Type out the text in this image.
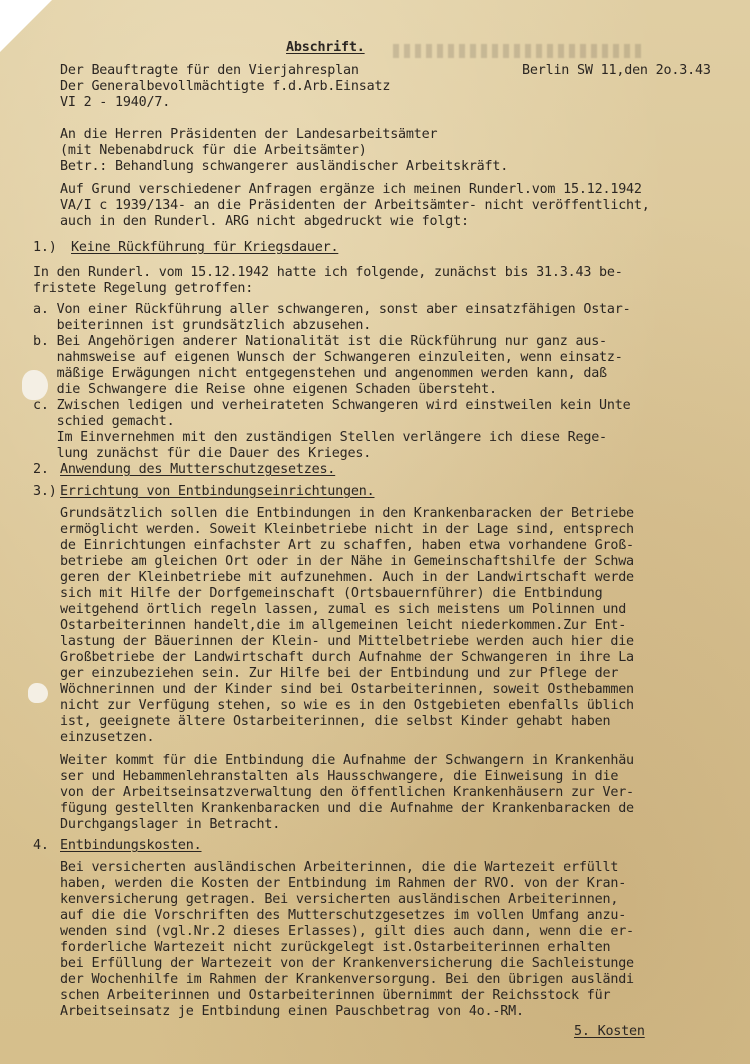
Abschrift.
Der Beauftragte für den Vierjahresplan	Berlin SW 11,den 2o.3.43
Der Generalbevollmächtigte f.d.Arb.Einsatz
VI 2 - 1940/7.
An die Herren Präsidenten der Landesarbeitsämter
(mit Nebenabdruck für die Arbeitsämter)
Betr.: Behandlung schwangerer ausländischer Arbeitskräft.
Auf Grund verschiedener Anfragen ergänze ich meinen Runderl.vom 15.12.1942
VA/I c 1939/134- an die Präsidenten der Arbeitsämter- nicht veröffentlicht,
auch in den Runderl. ARG nicht abgedruckt wie folgt:
1.) Keine Rückführung für Kriegsdauer.
In den Runderl. vom 15.12.1942 hatte ich folgende, zunächst bis 31.3.43 be-
fristete Regelung getroffen:
a. Von einer Rückführung aller schwangeren, sonst aber einsatzfähigen Ostar-
beiterinnen ist grundsätzlich abzusehen.
b. Bei Angehörigen anderer Nationalität ist die Rückführung nur ganz aus-
nahmsweise auf eigenen Wunsch der Schwangeren einzuleiten, wenn einsatz-
mäßige Erwägungen nicht entgegenstehen und angenommen werden kann, daß
die Schwangere die Reise ohne eigenen Schaden übersteht.
c. Zwischen ledigen und verheirateten Schwangeren wird einstweilen kein Unte
schied gemacht.
Im Einvernehmen mit den zuständigen Stellen verlängere ich diese Rege-
lung zunächst für die Dauer des Krieges.
2. Anwendung des Mutterschutzgesetzes.
3.) Errichtung von Entbindungseinrichtungen.
Grundsätzlich sollen die Entbindungen in den Krankenbaracken der Betriebe
ermöglicht werden. Soweit Kleinbetriebe nicht in der Lage sind, entsprech
de Einrichtungen einfachster Art zu schaffen, haben etwa vorhandene Groß-
betriebe am gleichen Ort oder in der Nähe in Gemeinschaftshilfe der Schwa
geren der Kleinbetriebe mit aufzunehmen. Auch in der Landwirtschaft werde
sich mit Hilfe der Dorfgemeinschaft (Ortsbauernführer) die Entbindung
weitgehend örtlich regeln lassen, zumal es sich meistens um Polinnen und
Ostarbeiterinnen handelt,die im allgemeinen leicht niederkommen.Zur Ent-
lastung der Bäuerinnen der Klein- und Mittelbetriebe werden auch hier die
Großbetriebe der Landwirtschaft durch Aufnahme der Schwangeren in ihre La
ger einzubeziehen sein. Zur Hilfe bei der Entbindung und zur Pflege der
Wöchnerinnen und der Kinder sind bei Ostarbeiterinnen, soweit Osthebammen
nicht zur Verfügung stehen, so wie es in den Ostgebieten ebenfalls üblich
ist, geeignete ältere Ostarbeiterinnen, die selbst Kinder gehabt haben
einzusetzen.
Weiter kommt für die Entbindung die Aufnahme der Schwangern in Krankenhäu
ser und Hebammenlehranstalten als Hausschwangere, die Einweisung in die
von der Arbeitseinsatzverwaltung den öffentlichen Krankenhäusern zur Ver-
fügung gestellten Krankenbaracken und die Aufnahme der Krankenbaracken de
Durchgangslager in Betracht.
4. Entbindungskosten.
Bei versicherten ausländischen Arbeiterinnen, die die Wartezeit erfüllt
haben, werden die Kosten der Entbindung im Rahmen der RVO. von der Kran-
kenversicherung getragen. Bei versicherten ausländischen Arbeiterinnen,
auf die die Vorschriften des Mutterschutzgesetzes im vollen Umfang anzu-
wenden sind (vgl.Nr.2 dieses Erlasses), gilt dies auch dann, wenn die er-
forderliche Wartezeit nicht zurückgelegt ist.Ostarbeiterinnen erhalten
bei Erfüllung der Wartezeit von der Krankenversicherung die Sachleistunge
der Wochenhilfe im Rahmen der Krankenversorgung. Bei den übrigen ausländi
schen Arbeiterinnen und Ostarbeiterinnen übernimmt der Reichsstock für
Arbeitseinsatz je Entbindung einen Pauschbetrag von 4o.-RM.
5. Kosten
